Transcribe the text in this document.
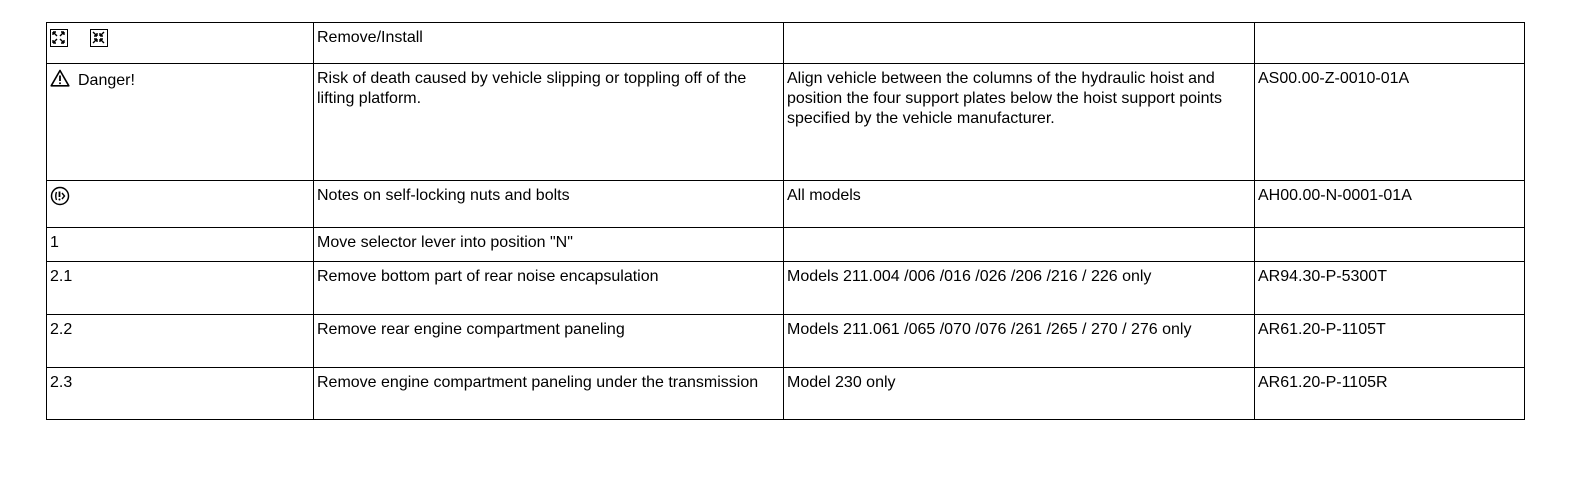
	Remove/Install		
Danger!	Risk of death caused by vehicle slipping or toppling off of the lifting platform.	Align vehicle between the columns of the hydraulic hoist and position the four support plates below the hoist support points specified by the vehicle manufacturer.	AS00.00-Z-0010-01A
	Notes on self-locking nuts and bolts	All models	AH00.00-N-0001-01A
1	Move selector lever into position "N"		
2.1	Remove bottom part of rear noise encapsulation	Models 211.004 /006 /016 /026 /206 /216 / 226 only	AR94.30-P-5300T
2.2	Remove rear engine compartment paneling	Models 211.061 /065 /070 /076 /261 /265 / 270 / 276 only	AR61.20-P-1105T
2.3	Remove engine compartment paneling under the transmission	Model 230 only	AR61.20-P-1105R
